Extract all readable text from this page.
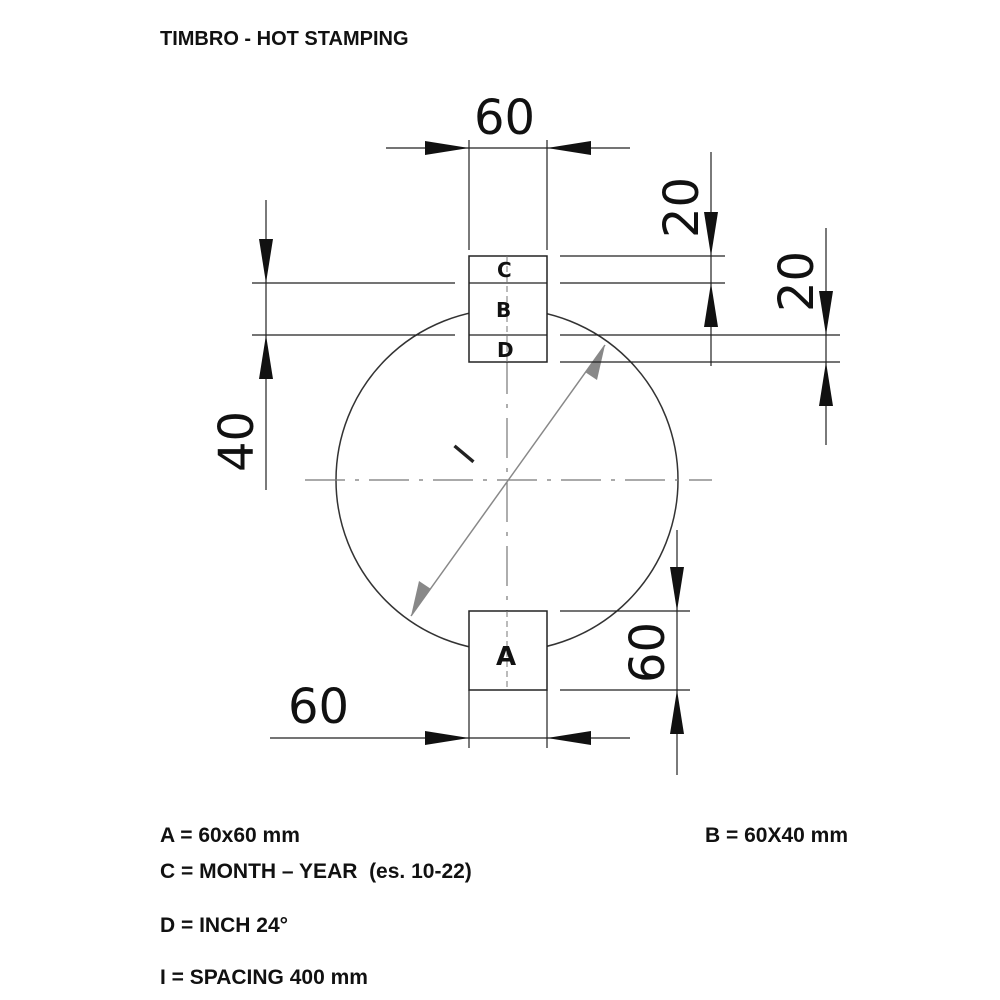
TIMBRO - HOT STAMPING
C
B
D
A
I
60
20
20
40
60
60
A = 60x60 mm	B = 60X40 mm
C = MONTH – YEAR  (es. 10-22)
D = INCH 24°
I = SPACING 400 mm
